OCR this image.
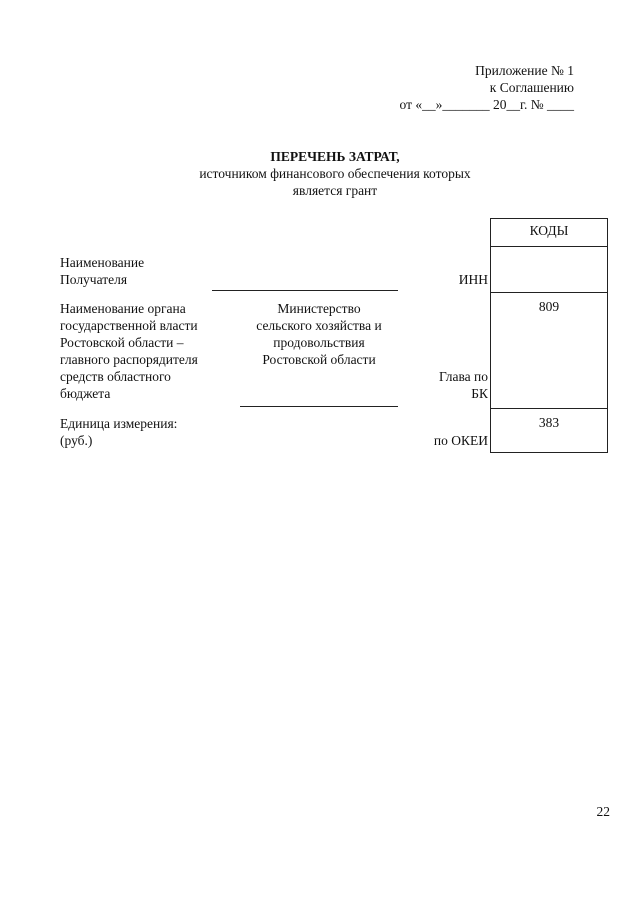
Приложение № 1
к Соглашению
от «__»_______ 20__г. № ____
ПЕРЕЧЕНЬ ЗАТРАТ,
источником финансового обеспечения которых
является грант
КОДЫ
809
383
Наименование
Получателя	ИНН
Наименование органа
государственной власти
Ростовской области –
главного распорядителя
средств областного
бюджета
Министерство
сельского хозяйства и
продовольствия
Ростовской области
Глава по
БК
Единица измерения:
(руб.)	по ОКЕИ
22
